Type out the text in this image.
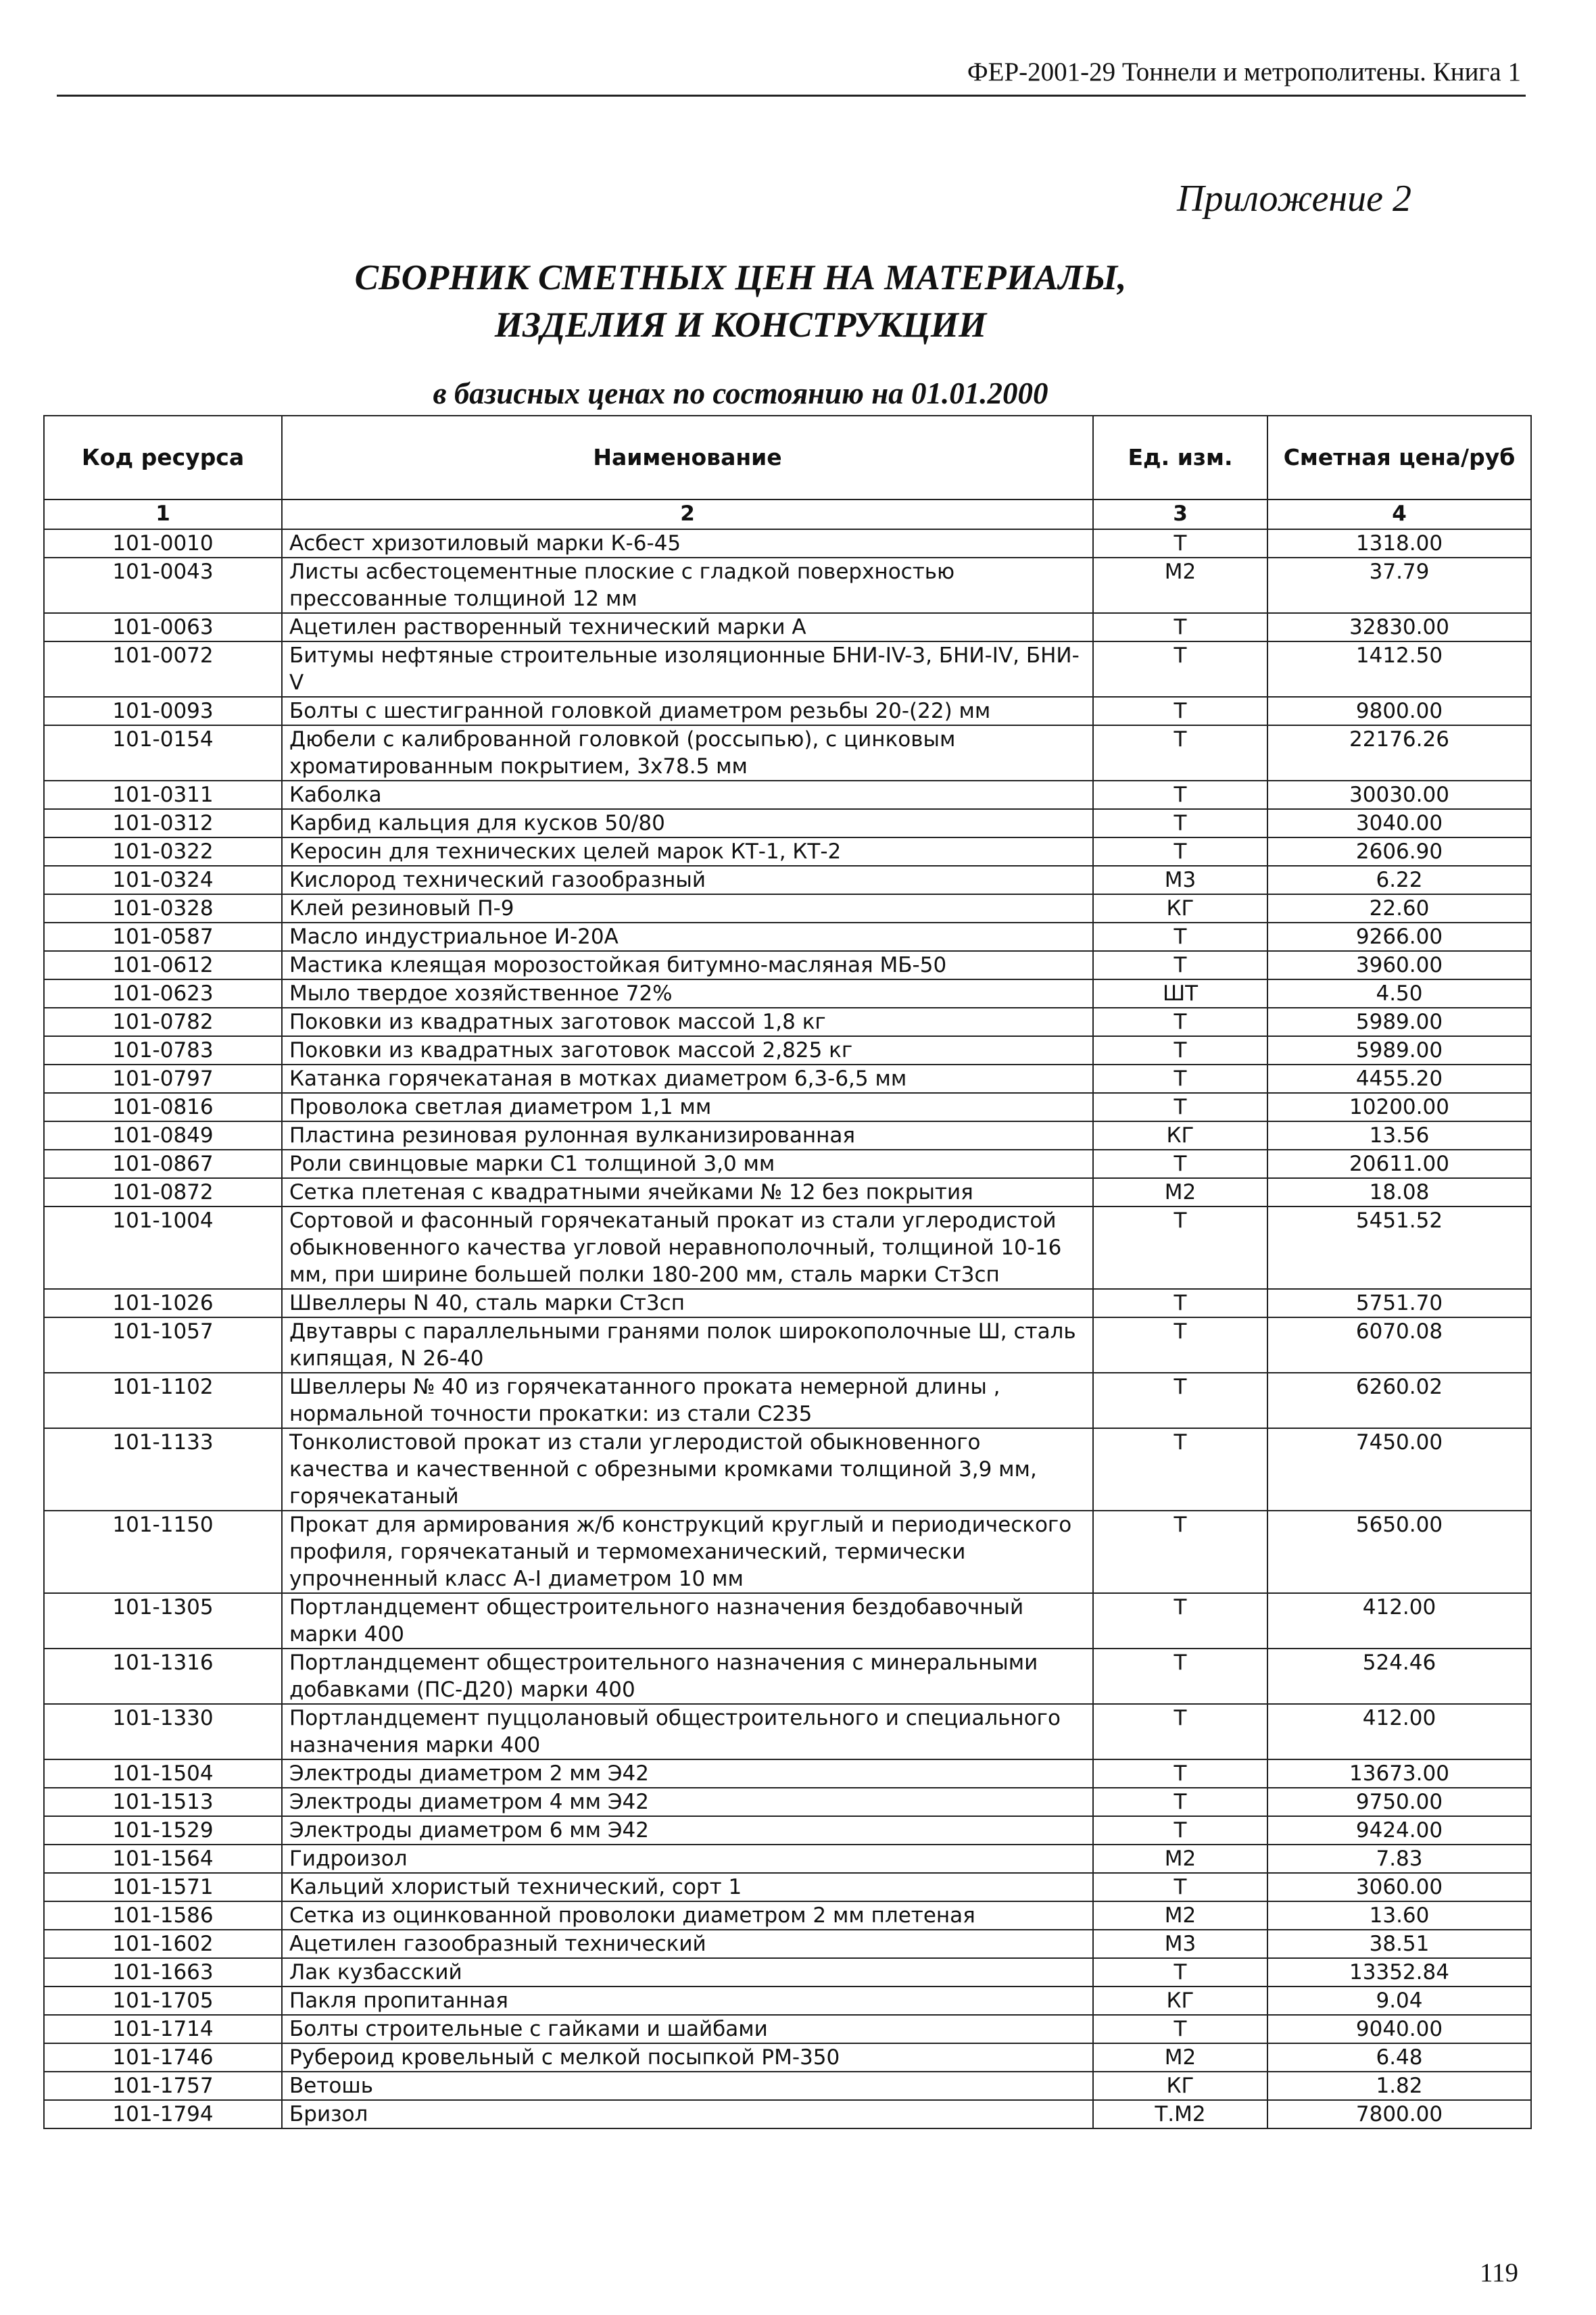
ФЕР-2001-29 Тоннели и метрополитены. Книга 1
Приложение 2
СБОРНИК СМЕТНЫХ ЦЕН НА МАТЕРИАЛЫ,
ИЗДЕЛИЯ И КОНСТРУКЦИИ
в базисных ценах по состоянию на 01.01.2000
Код ресурса	Наименование	Ед. изм.	Сметная цена/руб
1	2	3	4
101-0010	Асбест хризотиловый марки К-6-45	Т	1318.00
101-0043	Листы асбестоцементные плоские с гладкой поверхностью прессованные толщиной 12 мм	М2	37.79
101-0063	Ацетилен растворенный технический марки А	Т	32830.00
101-0072	Битумы нефтяные строительные изоляционные БНИ-IV-3, БНИ-IV, БНИ-V	Т	1412.50
101-0093	Болты с шестигранной головкой диаметром резьбы 20-(22) мм	Т	9800.00
101-0154	Дюбели с калиброванной головкой (россыпью), с цинковым хроматированным покрытием, 3х78.5 мм	Т	22176.26
101-0311	Каболка	Т	30030.00
101-0312	Карбид кальция для кусков 50/80	Т	3040.00
101-0322	Керосин для технических целей марок КТ-1, КТ-2	Т	2606.90
101-0324	Кислород технический газообразный	М3	6.22
101-0328	Клей резиновый П-9	КГ	22.60
101-0587	Масло индустриальное И-20А	Т	9266.00
101-0612	Мастика клеящая морозостойкая битумно-масляная МБ-50	Т	3960.00
101-0623	Мыло твердое хозяйственное 72%	ШТ	4.50
101-0782	Поковки из квадратных заготовок массой 1,8 кг	Т	5989.00
101-0783	Поковки из квадратных заготовок массой 2,825 кг	Т	5989.00
101-0797	Катанка горячекатаная в мотках диаметром 6,3-6,5 мм	Т	4455.20
101-0816	Проволока светлая диаметром 1,1 мм	Т	10200.00
101-0849	Пластина резиновая рулонная вулканизированная	КГ	13.56
101-0867	Роли свинцовые марки С1 толщиной 3,0 мм	Т	20611.00
101-0872	Сетка плетеная с квадратными ячейками № 12 без покрытия	М2	18.08
101-1004	Сортовой и фасонный горячекатаный прокат из стали углеродистой обыкновенного качества угловой неравнополочный, толщиной 10-16 мм, при ширине большей полки 180-200 мм, сталь марки Ст3сп	Т	5451.52
101-1026	Швеллеры N 40, сталь марки Ст3сп	Т	5751.70
101-1057	Двутавры с параллельными гранями полок широкополочные Ш, сталь кипящая, N 26-40	Т	6070.08
101-1102	Швеллеры № 40 из горячекатанного проката немерной длины , нормальной точности прокатки: из стали С235	Т	6260.02
101-1133	Тонколистовой прокат из стали углеродистой обыкновенного качества и качественной с обрезными кромками толщиной 3,9 мм, горячекатаный	Т	7450.00
101-1150	Прокат для армирования ж/б конструкций круглый и периодического профиля, горячекатаный и термомеханический, термически упрочненный класс А-I диаметром 10 мм	Т	5650.00
101-1305	Портландцемент общестроительного назначения бездобавочный марки 400	Т	412.00
101-1316	Портландцемент общестроительного назначения с минеральными добавками (ПС-Д20) марки 400	Т	524.46
101-1330	Портландцемент пуццолановый общестроительного и специального назначения марки 400	Т	412.00
101-1504	Электроды диаметром 2 мм Э42	Т	13673.00
101-1513	Электроды диаметром 4 мм Э42	Т	9750.00
101-1529	Электроды диаметром 6 мм Э42	Т	9424.00
101-1564	Гидроизол	М2	7.83
101-1571	Кальций хлористый технический, сорт 1	Т	3060.00
101-1586	Сетка из оцинкованной проволоки диаметром 2 мм плетеная	М2	13.60
101-1602	Ацетилен газообразный технический	М3	38.51
101-1663	Лак кузбасский	Т	13352.84
101-1705	Пакля пропитанная	КГ	9.04
101-1714	Болты строительные с гайками и шайбами	Т	9040.00
101-1746	Рубероид кровельный с мелкой посыпкой РМ-350	М2	6.48
101-1757	Ветошь	КГ	1.82
101-1794	Бризол	Т.М2	7800.00
119
